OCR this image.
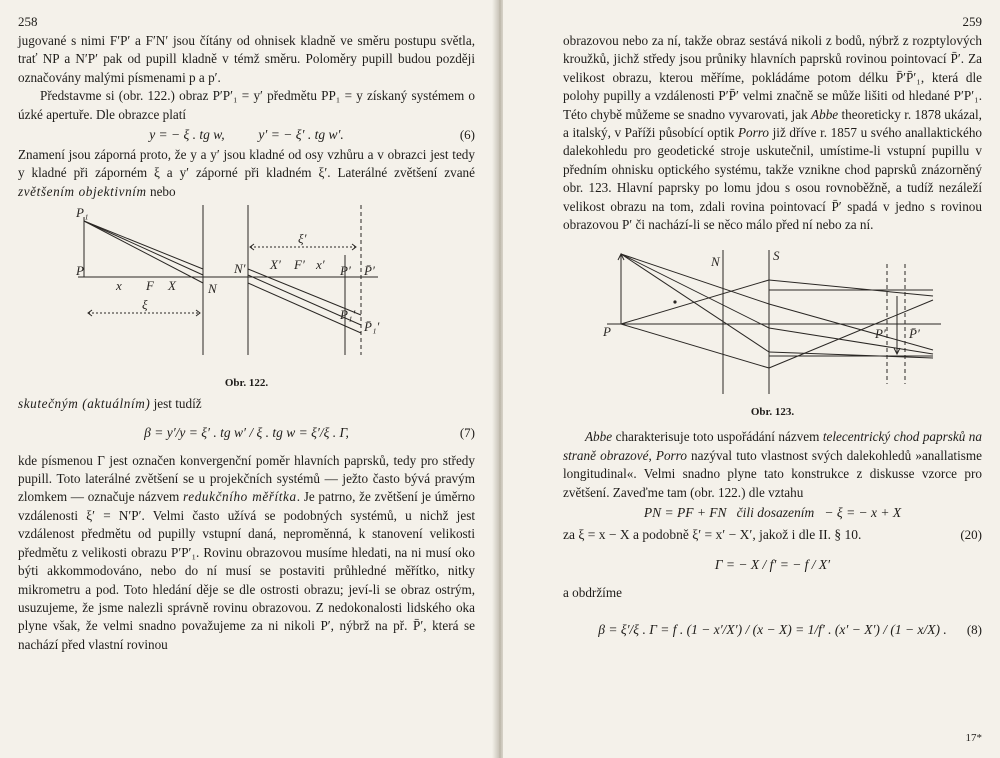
258

jugované s nimi F′P′ a F′N′ jsou čítány od ohnisek kladně ve směru postupu světla, trať NP a N′P′ pak od pupill kladně v témž směru. Poloměry pupill budou později označovány malými písmenami p a p′.

Představme si (obr. 122.) obraz P′P′₁ = y′ předmětu PP₁ = y získaný systémem o úzké apertuře. Dle obrazce platí

y = − ξ . tg w,          y′ = − ξ′ . tg w′.	(6)

Znamení jsou záporná proto, že y a y′ jsou kladné od osy vzhůru a v obrazci jest tedy y kladné při záporném ξ a y′ záporné při kladném ξ′. Laterálné zvětšení zvané zvětšením objektivním nebo

P₁
P
x F X N
N′ X′ F′ x′ P′ P̄′
P₁′
P̄₁′
ξ
ξ′
Obr. 122.

skutečným (aktuálním) jest tudíž

β = y′/y = ξ′ . tg w′ / ξ . tg w = ξ′/ξ . Γ,	(7)

kde písmenou Γ jest označen konvergenční poměr hlavních paprsků, tedy pro středy pupill. Toto laterálné zvětšení se u projekčních systémů — ježto často bývá pravým zlomkem — označuje názvem redukčního měřítka. Je patrno, že zvětšení je úměrno vzdálenosti ξ′ = N′P′. Velmi často užívá se podobných systémů, u nichž jest vzdálenost předmětu od pupilly vstupní daná, neproměnná, k stanovení velikosti předmětu z velikosti obrazu P′P′₁. Rovinu obrazovou musíme hledati, na ni musí oko býti akkommodováno, nebo do ní musí se postaviti průhledné měřítko, nitky mikrometru a pod. Toto hledání děje se dle ostrosti obrazu; jeví-li se obraz ostrým, usuzujeme, že jsme nalezli správně rovinu obrazovou. Z nedokonalosti lidského oka plyne však, že velmi snadno považujeme za ni nikoli P′, nýbrž na př. P̄′, která se nachází před vlastní rovinou

259

obrazovou nebo za ní, takže obraz sestává nikoli z bodů, nýbrž z rozptylových kroužků, jichž středy jsou průniky hlavních paprsků rovinou pointovací P̄′. Za velikost obrazu, kterou měříme, pokládáme potom délku P̄′P̄′₁, která dle polohy pupilly a vzdálenosti P′P̄′ velmi značně se může lišiti od hledané P′P′₁. Této chybě můžeme se snadno vyvarovati, jak Abbe theoreticky r. 1878 ukázal, a italský, v Paříži působící optik Porro již dříve r. 1857 u svého anallaktického dalekohledu pro geodetické stroje uskutečnil, umístime-li vstupní pupillu v předním ohnisku optického systému, takže vznikne chod paprsků znázorněný obr. 123. Hlavní paprsky po lomu jdou s osou rovnoběžně, a tudíž nezáleží velikost obrazu na tom, zdali rovina pointovací P̄′ spadá v jedno s rovinou obrazovou P′ či nachází-li se něco málo před ní nebo za ní.

P
N	S
P′ P̄′
Obr. 123.

Abbe charakterisuje toto uspořádání názvem telecentrický chod paprsků na straně obrazové, Porro nazýval tuto vlastnost svých dalekohledů »anallatisme longitudinal«. Velmi snadno plyne tato konstrukce z diskusse vzorce pro zvětšení. Zaveďme tam (obr. 122.) dle vztahu

PN = PF + FN   čili dosazením   − ξ = − x + X
za ξ = x − X a podobně ξ′ = x′ − X′, jakož i dle II. § 10.	(20)
Γ = − X / f′ = − f / X′

a obdržíme

β = ξ′/ξ . Γ = f . (1 − x′/X′) / (x − X) = 1/f′ . (x′ − X′) / (1 − x/X) . (8)
17*
